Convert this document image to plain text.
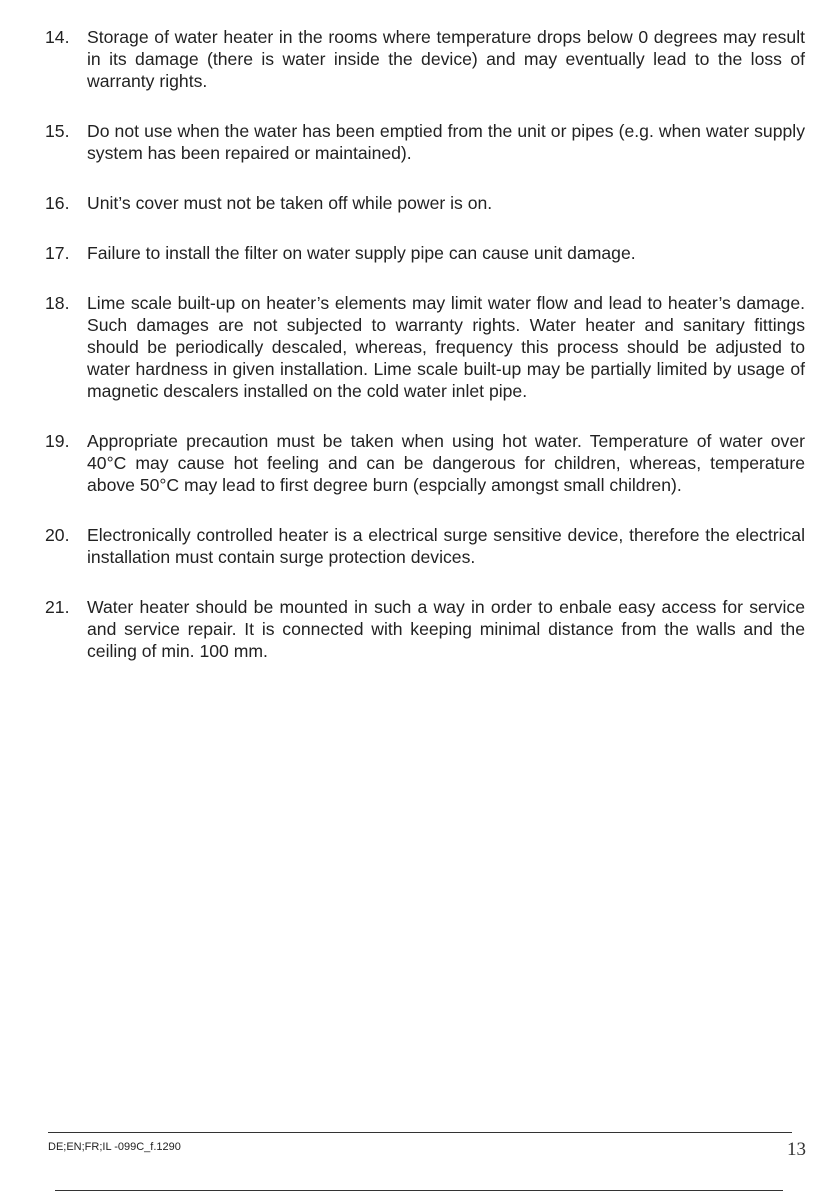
14. Storage of water heater in the rooms where temperature drops below 0 degrees may result in its damage (there is water inside the device) and may eventually lead to the loss of warranty rights.
15. Do not use when the water has been emptied from the unit or pipes (e.g. when water supply system has been repaired or maintained).
16. Unit’s cover must not be taken off while power is on.
17. Failure to install the filter on water supply pipe can cause unit damage.
18. Lime scale built-up on heater’s elements may limit water flow and lead to heater’s damage. Such damages are not subjected to warranty rights. Water heater and sanitary fittings should be periodically descaled, whereas, frequency this process should be adjusted to water hardness in given installation. Lime scale built-up may be partially limited by usage of magnetic descalers installed on the cold water inlet pipe.
19. Appropriate precaution must be taken when using hot water. Temperature of water over 40°C may cause hot feeling and can be dangerous for children, whereas, temperature above 50°C may lead to first degree burn (espcially amongst small children).
20. Electronically controlled heater is a electrical surge sensitive device, therefore the electrical installation must contain surge protection devices.
21. Water heater should be mounted in such a way in order to enbale easy access for service and service repair. It is connected with keeping minimal distance from the walls and the ceiling of min. 100 mm.
DE;EN;FR;IL -099C_f.1290	13
